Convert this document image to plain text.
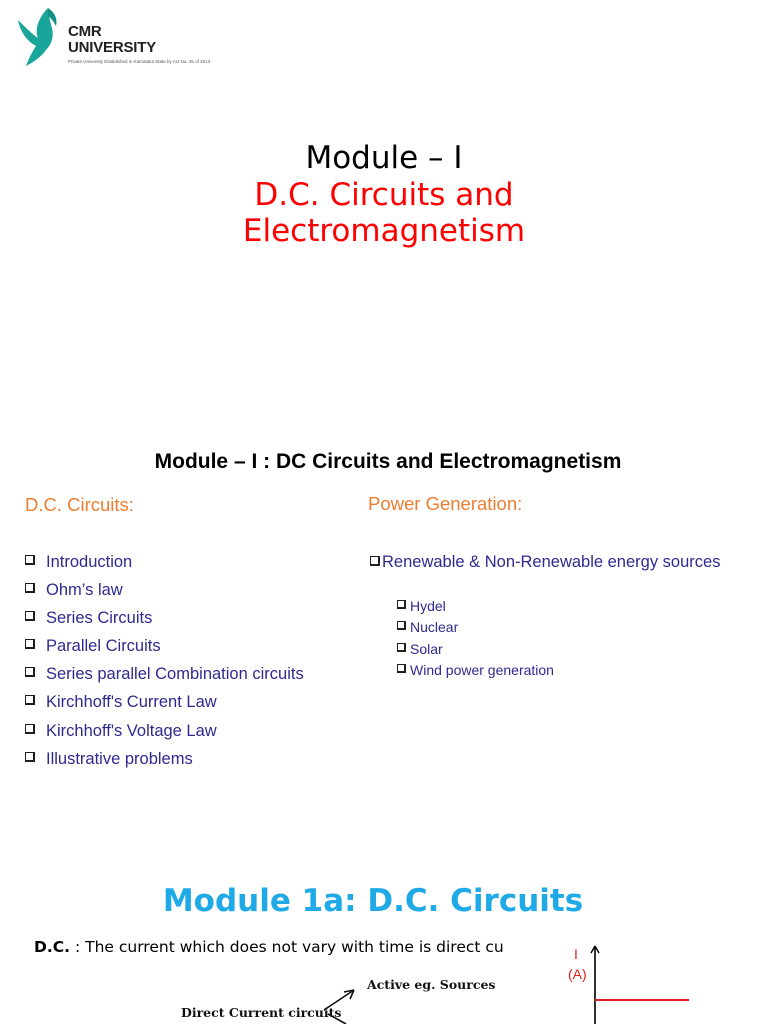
CMR
UNIVERSITY
Private University Established in Karnataka State by Act No. 45 of 2013
Module – I
D.C. Circuits and
Electromagnetism
Module – I : DC Circuits and Electromagnetism
D.C. Circuits:	Power Generation:
Introduction
Ohm’s law
Series Circuits
Parallel Circuits
Series parallel Combination circuits
Kirchhoff's Current Law
Kirchhoff's Voltage Law
Illustrative problems
Renewable & Non-Renewable energy sources
Hydel
Nuclear
Solar
Wind power generation
Module 1a: D.C. Circuits
D.C. : The current which does not vary with time is direct cu
Active eg. Sources
Direct Current circuits
I
(A)
